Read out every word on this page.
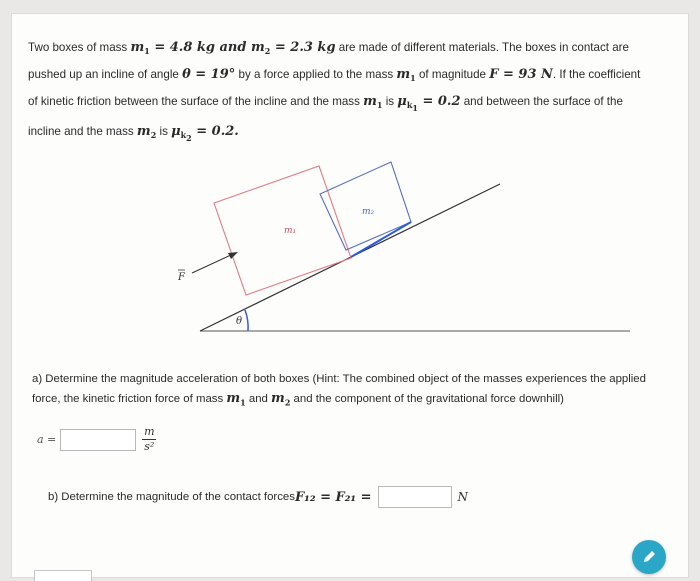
Two boxes of mass $m_1 = 4.8$ kg and $m_2 = 2.3$ kg are made of different materials. The boxes in contact are pushed up an incline of angle θ = 19° by a force applied to the mass $m_1$ of magnitude F = 93 N. If the coefficient of kinetic friction between the surface of the incline and the mass $m_1$ is $\mu_{k_1} = 0.2$ and between the surface of the incline and the mass $m_2$ is $\mu_{k_2} = 0.2$.
m₁
m₂
F
θ
a) Determine the magnitude acceleration of both boxes (Hint: The combined object of the masses experiences the applied force, the kinetic friction force of mass $m_1$ and $m_2$ and the component of the gravitational force downhill)
a =	$\frac{m}{\text{s²}}$
b) Determine the magnitude of the contact forces F₁₂ = F₂₁ =	N
